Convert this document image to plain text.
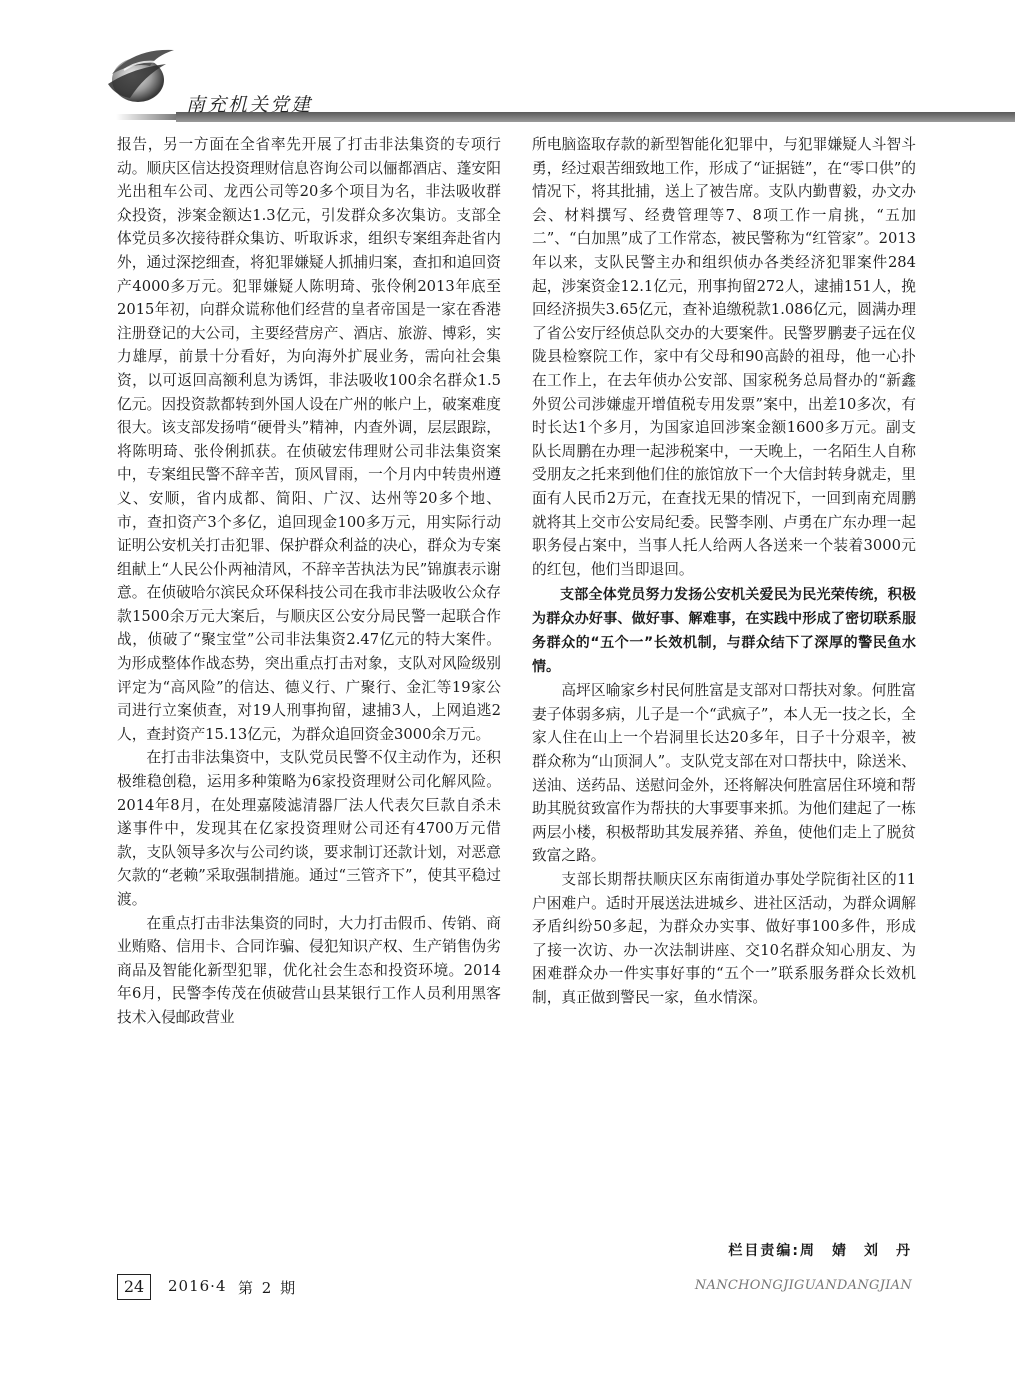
南充机关党建

报告，另一方面在全省率先开展了打击非法集资的专项行动。顺庆区信达投资理财信息咨询公司以俪都酒店、蓬安阳光出租车公司、龙西公司等20多个项目为名，非法吸收群众投资，涉案金额达1.3亿元，引发群众多次集访。支部全体党员多次接待群众集访、听取诉求，组织专案组奔赴省内外，通过深挖细查，将犯罪嫌疑人抓捕归案，查扣和追回资产4000多万元。犯罪嫌疑人陈明琦、张伶俐2013年底至2015年初，向群众谎称他们经营的皇者帝国是一家在香港注册登记的大公司，主要经营房产、酒店、旅游、博彩，实力雄厚，前景十分看好，为向海外扩展业务，需向社会集资，以可返回高额利息为诱饵，非法吸收100余名群众1.5亿元。因投资款都转到外国人设在广州的帐户上，破案难度很大。该支部发扬啃“硬骨头”精神，内查外调，层层跟踪，将陈明琦、张伶俐抓获。在侦破宏伟理财公司非法集资案中，专案组民警不辞辛苦，顶风冒雨，一个月内中转贵州遵义、安顺，省内成都、简阳、广汉、达州等20多个地、市，查扣资产3个多亿，追回现金100多万元，用实际行动证明公安机关打击犯罪、保护群众利益的决心，群众为专案组献上“人民公仆两袖清风，不辞辛苦执法为民”锦旗表示谢意。在侦破哈尔滨民众环保科技公司在我市非法吸收公众存款1500余万元大案后，与顺庆区公安分局民警一起联合作战，侦破了“聚宝堂”公司非法集资2.47亿元的特大案件。为形成整体作战态势，突出重点打击对象，支队对风险级别评定为“高风险”的信达、德义行、广聚行、金汇等19家公司进行立案侦查，对19人刑事拘留，逮捕3人，上网追逃2人，查封资产15.13亿元，为群众追回资金3000余万元。

在打击非法集资中，支队党员民警不仅主动作为，还积极维稳创稳，运用多种策略为6家投资理财公司化解风险。2014年8月，在处理嘉陵滤清器厂法人代表欠巨款自杀未遂事件中，发现其在亿家投资理财公司还有4700万元借款，支队领导多次与公司约谈，要求制订还款计划，对恶意欠款的“老赖”采取强制措施。通过“三管齐下”，使其平稳过渡。

在重点打击非法集资的同时，大力打击假币、传销、商业贿赂、信用卡、合同诈骗、侵犯知识产权、生产销售伪劣商品及智能化新型犯罪，优化社会生态和投资环境。2014年6月，民警李传茂在侦破营山县某银行工作人员利用黑客技术入侵邮政营业

所电脑盗取存款的新型智能化犯罪中，与犯罪嫌疑人斗智斗勇，经过艰苦细致地工作，形成了“证据链”，在“零口供”的情况下，将其批捕，送上了被告席。支队内勤曹毅，办文办会、材料撰写、经费管理等7、8项工作一肩挑，“五加二”、“白加黑”成了工作常态，被民警称为“红管家”。2013年以来，支队民警主办和组织侦办各类经济犯罪案件284起，涉案资金12.1亿元，刑事拘留272人，逮捕151人，挽回经济损失3.65亿元，查补追缴税款1.086亿元，圆满办理了省公安厅经侦总队交办的大要案件。民警罗鹏妻子远在仪陇县检察院工作，家中有父母和90高龄的祖母，他一心扑在工作上，在去年侦办公安部、国家税务总局督办的“新鑫外贸公司涉嫌虚开增值税专用发票”案中，出差10多次，有时长达1个多月，为国家追回涉案金额1600多万元。副支队长周鹏在办理一起涉税案中，一天晚上，一名陌生人自称受朋友之托来到他们住的旅馆放下一个大信封转身就走，里面有人民币2万元，在查找无果的情况下，一回到南充周鹏就将其上交市公安局纪委。民警李刚、卢勇在广东办理一起职务侵占案中，当事人托人给两人各送来一个装着3000元的红包，他们当即退回。

支部全体党员努力发扬公安机关爱民为民光荣传统，积极为群众办好事、做好事、解难事，在实践中形成了密切联系服务群众的“五个一”长效机制，与群众结下了深厚的警民鱼水情。

高坪区喻家乡村民何胜富是支部对口帮扶对象。何胜富妻子体弱多病，儿子是一个“武疯子”，本人无一技之长，全家人住在山上一个岩洞里长达20多年，日子十分艰辛，被群众称为“山顶洞人”。支队党支部在对口帮扶中，除送米、送油、送药品、送慰问金外，还将解决何胜富居住环境和帮助其脱贫致富作为帮扶的大事要事来抓。为他们建起了一栋两层小楼，积极帮助其发展养猪、养鱼，使他们走上了脱贫致富之路。

支部长期帮扶顺庆区东南街道办事处学院街社区的11户困难户。适时开展送法进城乡、进社区活动，为群众调解矛盾纠纷50多起，为群众办实事、做好事100多件，形成了接一次访、办一次法制讲座、交10名群众知心朋友、为困难群众办一件实事好事的“五个一”联系服务群众长效机制，真正做到警民一家，鱼水情深。

栏目责编:周　婧　刘　丹
24	2016·4 第 2 期	NANCHONGJIGUANDANGJIAN
